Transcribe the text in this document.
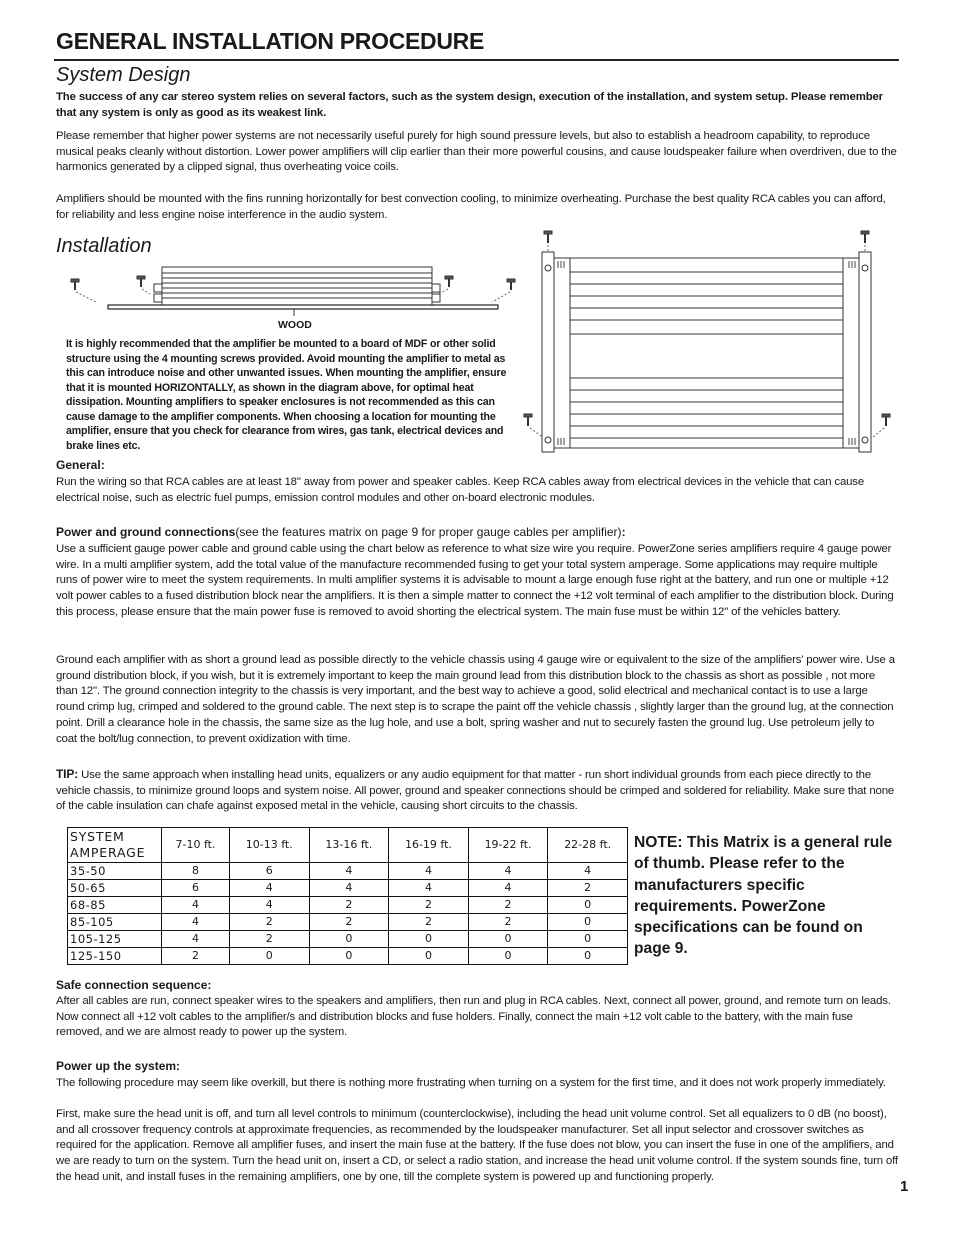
GENERAL INSTALLATION PROCEDURE
System Design
The success of any car stereo system relies on several factors, such as the system design, execution of the installation, and system setup. Please remember that any system is only as good as its weakest link.
Please remember that higher power systems are not necessarily useful purely for high sound pressure levels, but also to establish a headroom capability, to reproduce musical peaks cleanly without distortion. Lower power amplifiers will clip earlier than their more powerful cousins, and cause loudspeaker failure when overdriven, due to the harmonics generated by a clipped signal, thus overheating voice coils.
Amplifiers should be mounted with the fins running horizontally for best convection cooling, to minimize overheating. Purchase the best quality RCA cables you can afford, for reliability and less engine noise interference in the audio system.
Installation
WOOD
It is highly recommended that the amplifier be mounted to a board of MDF or other solid structure using the 4 mounting screws provided. Avoid mounting the amplifier to metal as this can introduce noise and other unwanted issues. When mounting the amplifier, ensure that it is mounted HORIZONTALLY, as shown in the diagram above, for optimal heat dissipation. Mounting amplifiers to speaker enclosures is not recommended as this can cause damage to the amplifier components. When choosing a location for mounting the amplifier, ensure that you check for clearance from wires, gas tank, electrical devices and brake lines etc.
General:
Run the wiring so that RCA cables are at least 18" away from power and speaker cables. Keep RCA cables away from electrical devices in the vehicle that can cause electrical noise, such as electric fuel pumps, emission control modules and other on-board electronic modules.
Power and ground connections(see the features matrix on page 9 for proper gauge cables per amplifier):
Use a sufficient gauge power cable and ground cable using the chart below as reference to what size wire you require. PowerZone series amplifiers require 4 gauge power wire. In a multi amplifier system, add the total value of the manufacture recommended fusing to get your total system amperage. Some applications may require multiple runs of power wire to meet the system requirements. In multi amplifier systems it is advisable to mount a large enough fuse right at the battery, and run one or multiple +12 volt power cables to a fused distribution block near the amplifiers. It is then a simple matter to connect the +12 volt terminal of each amplifier to the distribution block. During this process, please ensure that the main power fuse is removed to avoid shorting the electrical system. The main fuse must be within 12" of the vehicles battery.
Ground each amplifier with as short a ground lead as possible directly to the vehicle chassis using 4 gauge wire or equivalent to the size of the amplifiers' power wire. Use a ground distribution block, if you wish, but it is extremely important to keep the main ground lead from this distribution block to the chassis as short as possible , not more than 12". The ground connection integrity to the chassis is very important, and the best way to achieve a good, solid electrical and mechanical contact is to use a large round crimp lug, crimped and soldered to the ground cable. The next step is to scrape the paint off the vehicle chassis , slightly larger than the ground lug, at the connection point. Drill a clearance hole in the chassis, the same size as the lug hole, and use a bolt, spring washer and nut to securely fasten the ground lug. Use petroleum jelly to coat the bolt/lug connection, to prevent oxidization with time.
TIP: Use the same approach when installing head units, equalizers or any audio equipment for that matter - run short individual grounds from each piece directly to the vehicle chassis, to minimize ground loops and system noise. All power, ground and speaker connections should be crimped and soldered for reliability. Make sure that none of the cable insulation can chafe against exposed metal in the vehicle, causing short circuits to the chassis.
SYSTEM
AMPERAGE	7-10 ft.	10-13 ft.	13-16 ft.	16-19 ft.	19-22 ft.	22-28 ft.
35-50	8	6	4	4	4	4
50-65	6	4	4	4	4	2
68-85	4	4	2	2	2	0
85-105	4	2	2	2	2	0
105-125	4	2	0	0	0	0
125-150	2	0	0	0	0	0
NOTE: This Matrix is a general rule of thumb. Please refer to the manufacturers specific requirements. PowerZone specifications can be found on page 9.
Safe connection sequence:
After all cables are run, connect speaker wires to the speakers and amplifiers, then run and plug in RCA cables. Next, connect all power, ground, and remote turn on leads. Now connect all +12 volt cables to the amplifier/s and distribution blocks and fuse holders. Finally, connect the main +12 volt cable to the battery, with the main fuse removed, and we are almost ready to power up the system.
Power up the system:
The following procedure may seem like overkill, but there is nothing more frustrating when turning on a system for the first time, and it does not work properly immediately.
First, make sure the head unit is off, and turn all level controls to minimum (counterclockwise), including the head unit volume control. Set all equalizers to 0 dB (no boost), and all crossover frequency controls at approximate frequencies, as recommended by the loudspeaker manufacturer. Set all input selector and crossover switches as required for the application. Remove all amplifier fuses, and insert the main fuse at the battery. If the fuse does not blow, you can insert the fuse in one of the amplifiers, and we are ready to turn on the system. Turn the head unit on, insert a CD, or select a radio station, and increase the head unit volume control. If the system sounds fine, turn off the head unit, and install fuses in the remaining amplifiers, one by one, till the complete system is powered up and functioning properly.
1
